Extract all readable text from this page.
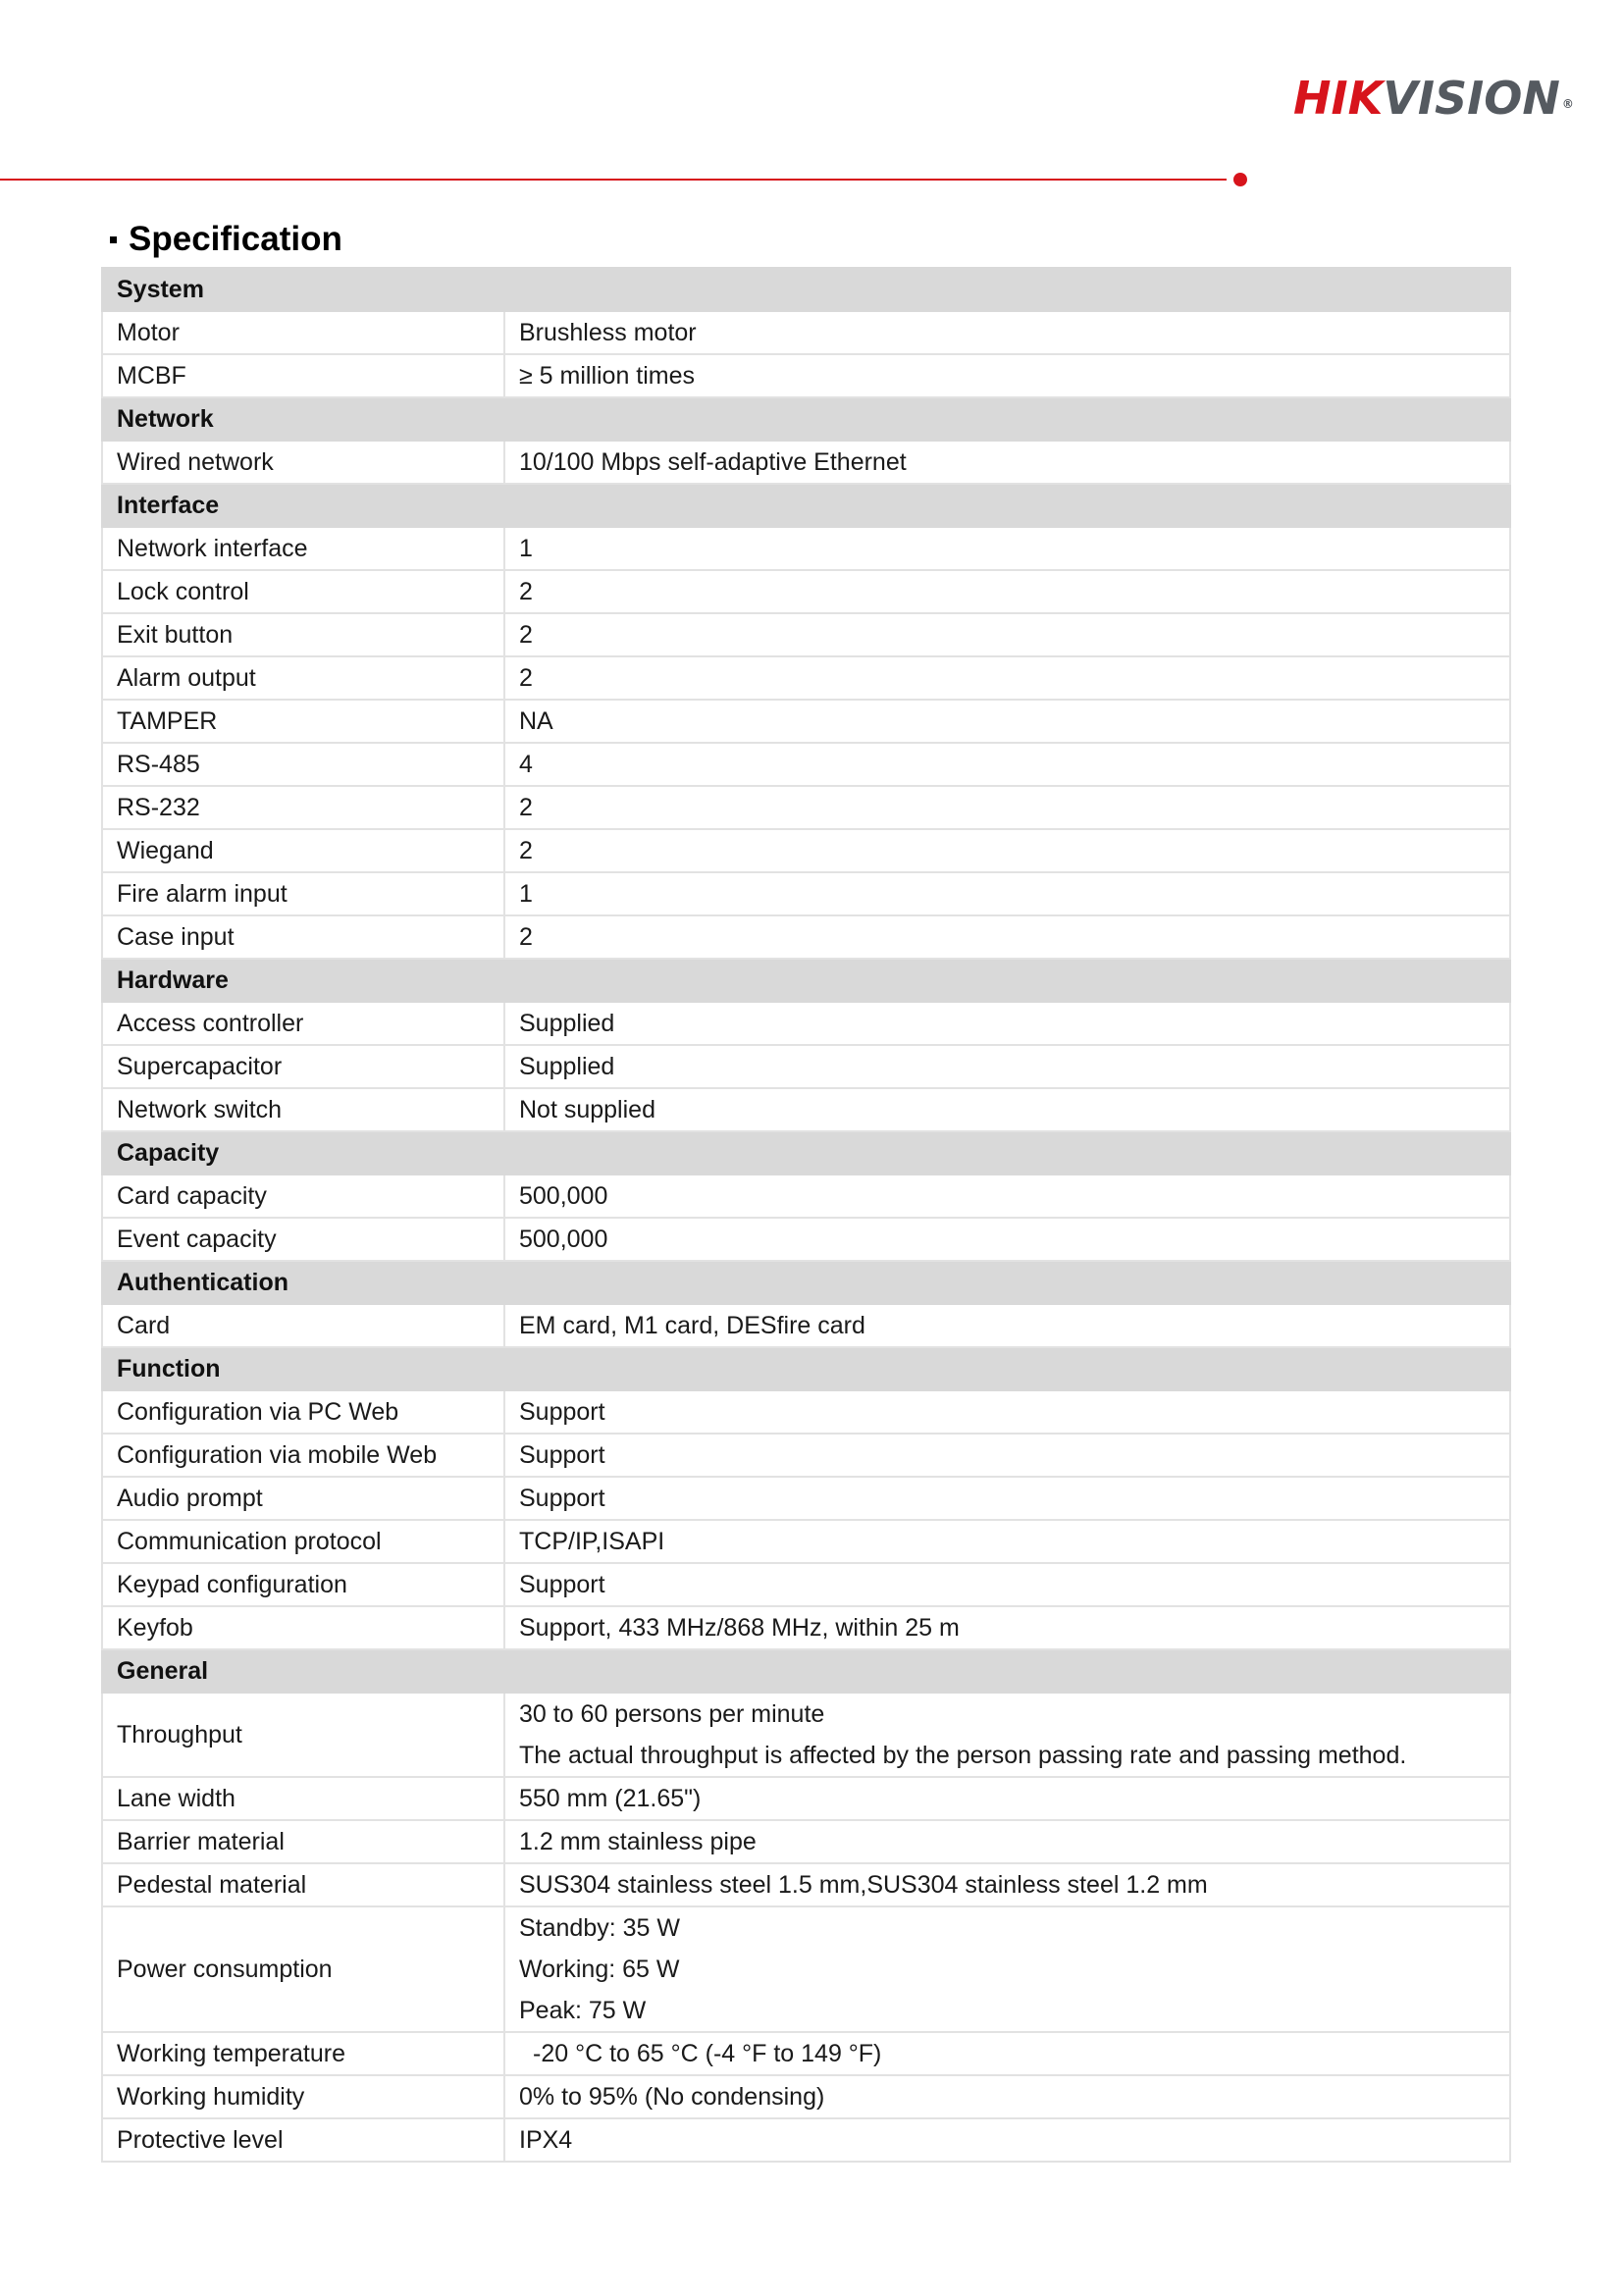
HIK VISION ®
Specification
System	
Motor	Brushless motor

MCBF	≥ 5 million times

Network	
Wired network	10/100 Mbps self-adaptive Ethernet

Interface	
Network interface	1

Lock control	2

Exit button	2

Alarm output	2

TAMPER	NA

RS-485	4

RS-232	2

Wiegand	2

Fire alarm input	1

Case input	2

Hardware	
Access controller	Supplied

Supercapacitor	Supplied

Network switch	Not supplied

Capacity	
Card capacity	500,000

Event capacity	500,000

Authentication	
Card	EM card, M1 card, DESfire card

Function	
Configuration via PC Web	Support

Configuration via mobile Web	Support

Audio prompt	Support

Communication protocol	TCP/IP,ISAPI

Keypad configuration	Support

Keyfob	Support, 433 MHz/868 MHz, within 25 m

General	
Throughput	30 to 60 persons per minute
The actual throughput is affected by the person passing rate and passing method.

Lane width	550 mm (21.65")

Barrier material	1.2 mm stainless pipe

Pedestal material	SUS304 stainless steel 1.5 mm,SUS304 stainless steel 1.2 mm

Power consumption	Standby: 35 W
Working: 65 W
Peak: 75 W

Working temperature	-20 °C to 65 °C (-4 °F to 149 °F)

Working humidity	0% to 95% (No condensing)

Protective level	IPX4
